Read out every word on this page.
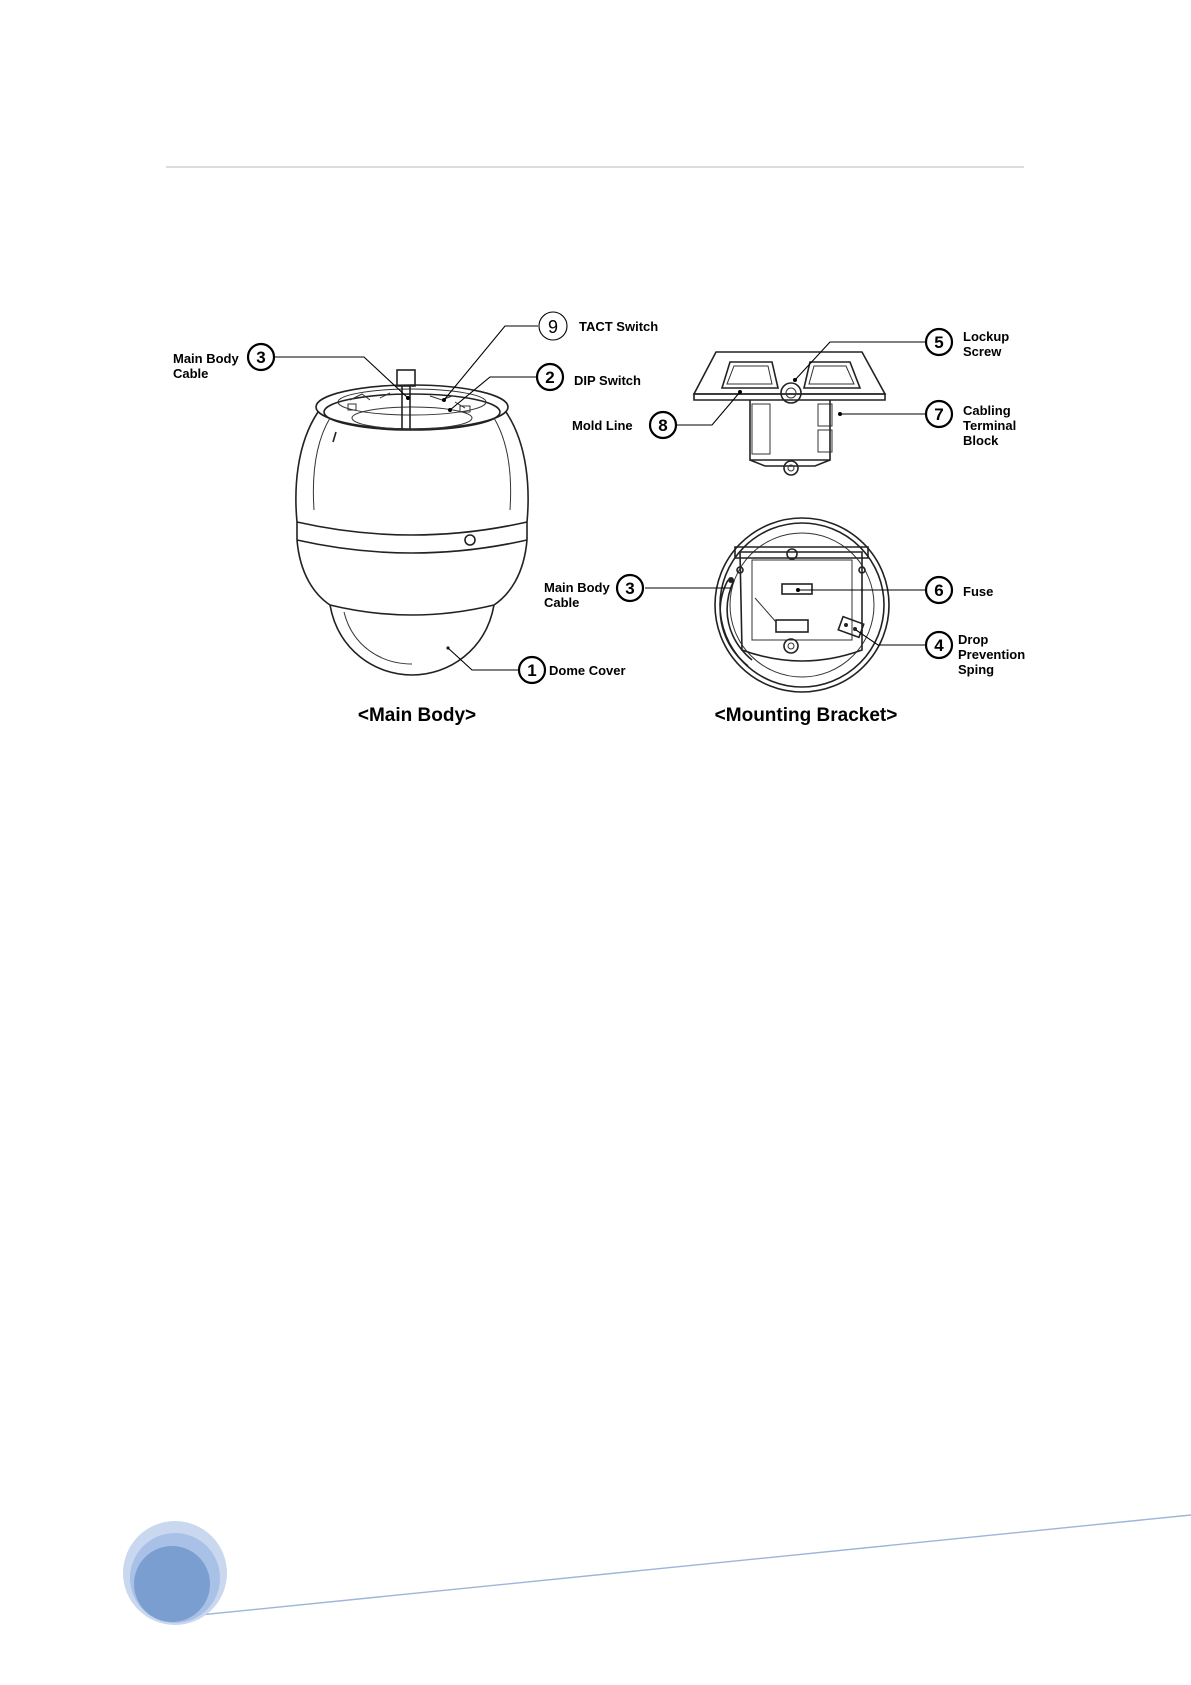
3
Main Body
Cable
9 TACT Switch
2 DIP Switch
1 Dome Cover
5 Lockup
Screw
8
Mold Line
7 Cabling
Terminal
Block
3
Main Body
Cable
6 Fuse
4 Drop
Prevention
Sping
<Main Body>	<Mounting Bracket>
